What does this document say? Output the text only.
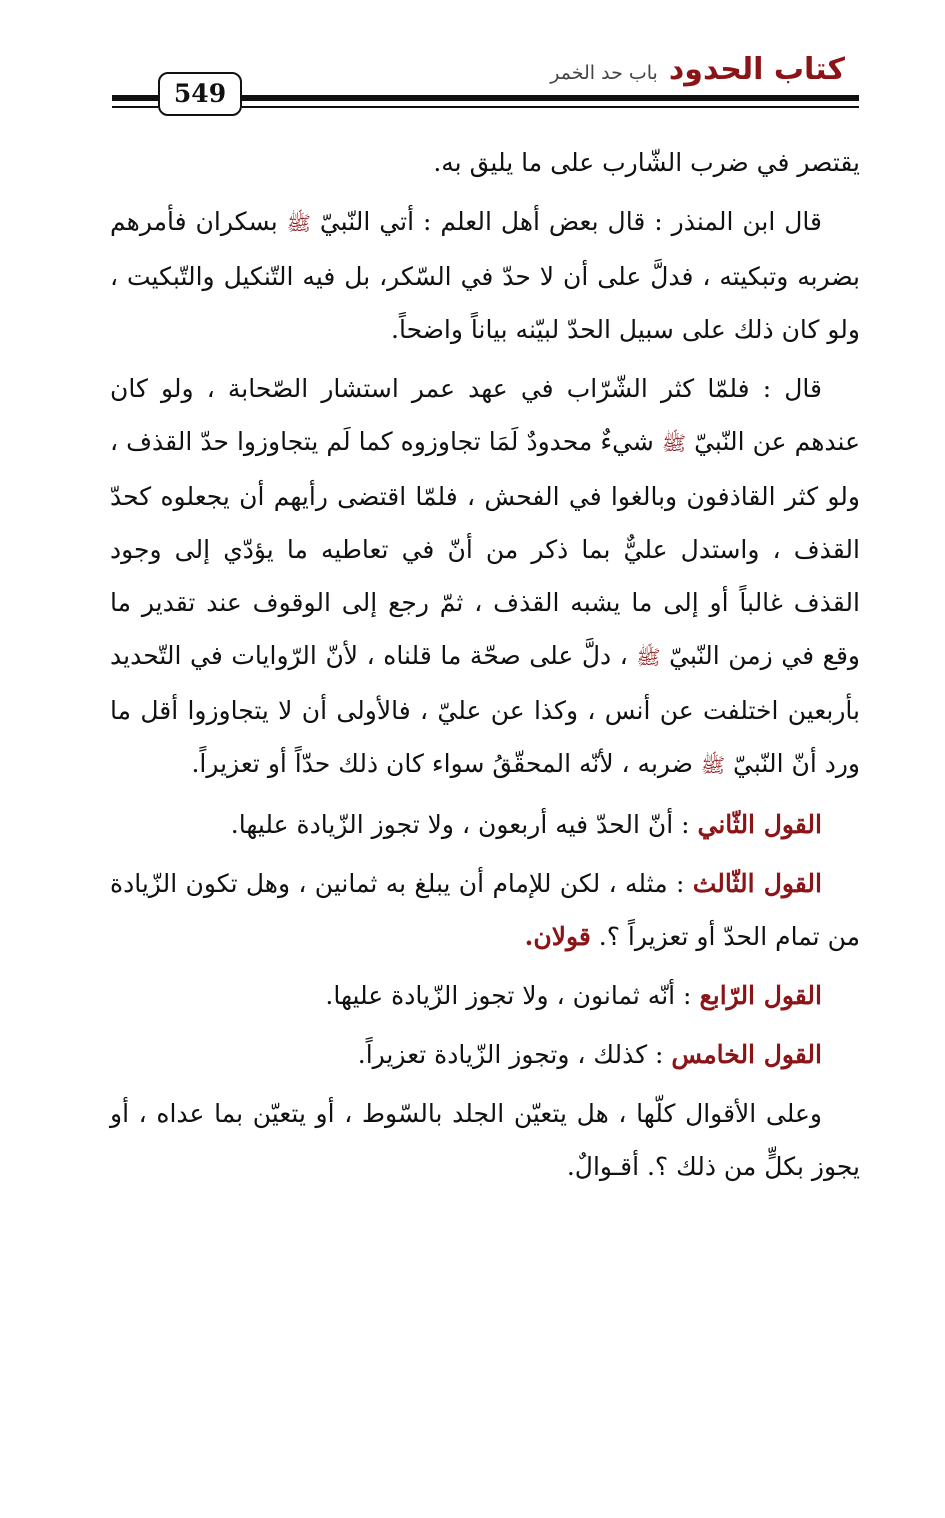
كتاب الحدود باب حد الخمر
549

يقتصر في ضرب الشّارب على ما يليق به.

قال ابن المنذر : قال بعض أهل العلم : أتي النّبيّ ﷺ بسكران فأمرهم بضربه وتبكيته ، فدلَّ على أن لا حدّ في السّكر، بل فيه التّنكيل والتّبكيت ، ولو كان ذلك على سبيل الحدّ لبيّنه بياناً واضحاً.

قال : فلمّا كثر الشّرّاب في عهد عمر استشار الصّحابة ، ولو كان عندهم عن النّبيّ ﷺ شيءٌ محدودٌ لَمَا تجاوزوه كما لَم يتجاوزوا حدّ القذف ، ولو كثر القاذفون وبالغوا في الفحش ، فلمّا اقتضى رأيهم أن يجعلوه كحدّ القذف ، واستدل عليٌّ بما ذكر من أنّ في تعاطيه ما يؤدّي إلى وجود القذف غالباً أو إلى ما يشبه القذف ، ثمّ رجع إلى الوقوف عند تقدير ما وقع في زمن النّبيّ ﷺ ، دلَّ على صحّة ما قلناه ، لأنّ الرّوايات في التّحديد بأربعين اختلفت عن أنس ، وكذا عن عليّ ، فالأولى أن لا يتجاوزوا أقل ما ورد أنّ النّبيّ ﷺ ضربه ، لأنّه المحقّقُ سواء كان ذلك حدّاً أو تعزيراً.

القول الثّاني : أنّ الحدّ فيه أربعون ، ولا تجوز الزّيادة عليها.

القول الثّالث : مثله ، لكن للإمام أن يبلغ به ثمانين ، وهل تكون الزّيادة من تمام الحدّ أو تعزيراً ؟. قولان.

القول الرّابع : أنّه ثمانون ، ولا تجوز الزّيادة عليها.

القول الخامس : كذلك ، وتجوز الزّيادة تعزيراً.

وعلى الأقوال كلّها ، هل يتعيّن الجلد بالسّوط ، أو يتعيّن بما عداه ، أو يجوز بكلٍّ من ذلك ؟. أقـوالٌ.
